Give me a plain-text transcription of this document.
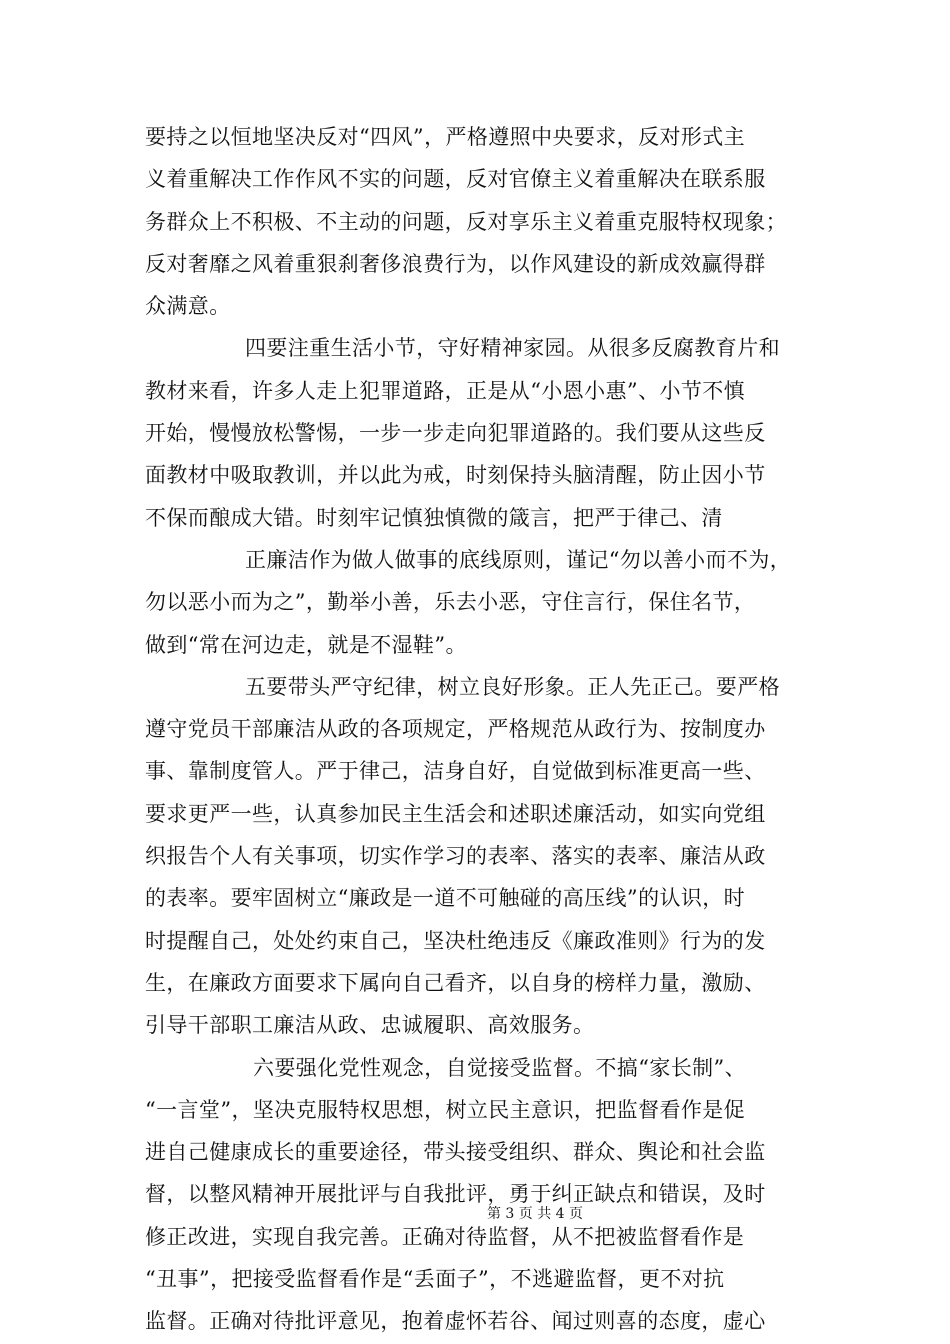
要持之以恒地坚决反对“四风”，严格遵照中央要求，反对形式主
义着重解决工作作风不实的问题，反对官僚主义着重解决在联系服
务群众上不积极、不主动的问题，反对享乐主义着重克服特权现象；
反对奢靡之风着重狠刹奢侈浪费行为，以作风建设的新成效赢得群
众满意。
四要注重生活小节，守好精神家园。从很多反腐教育片和
教材来看，许多人走上犯罪道路，正是从“小恩小惠”、小节不慎
开始，慢慢放松警惕，一步一步走向犯罪道路的。我们要从这些反
面教材中吸取教训，并以此为戒，时刻保持头脑清醒，防止因小节
不保而酿成大错。时刻牢记慎独慎微的箴言，把严于律己、清
正廉洁作为做人做事的底线原则，谨记“勿以善小而不为，
勿以恶小而为之”，勤举小善，乐去小恶，守住言行，保住名节，
做到“常在河边走，就是不湿鞋”。
五要带头严守纪律，树立良好形象。正人先正己。要严格
遵守党员干部廉洁从政的各项规定，严格规范从政行为、按制度办
事、靠制度管人。严于律己，洁身自好，自觉做到标准更高一些、
要求更严一些，认真参加民主生活会和述职述廉活动，如实向党组
织报告个人有关事项，切实作学习的表率、落实的表率、廉洁从政
的表率。要牢固树立“廉政是一道不可触碰的高压线”的认识，时
时提醒自己，处处约束自己，坚决杜绝违反《廉政准则》行为的发
生，在廉政方面要求下属向自己看齐，以自身的榜样力量，激励、
引导干部职工廉洁从政、忠诚履职、高效服务。
六要强化党性观念，自觉接受监督。不搞“家长制”、
“一言堂”，坚决克服特权思想，树立民主意识，把监督看作是促
进自己健康成长的重要途径，带头接受组织、群众、舆论和社会监
督，以整风精神开展批评与自我批评，勇于纠正缺点和错误，及时
修正改进，实现自我完善。正确对待监督，从不把被监督看作是
“丑事”，把接受监督看作是“丢面子”，不逃避监督，更不对抗
监督。正确对待批评意见，抱着虚怀若谷、闻过则喜的态度，虚心
第 3 页 共 4 页
